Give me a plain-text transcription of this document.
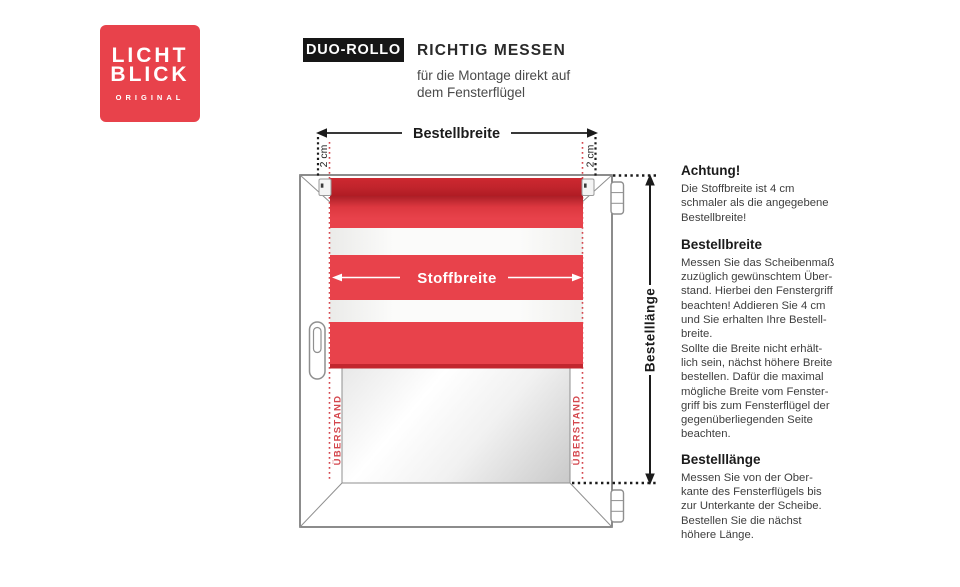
LICHT
BLICK
ORIGINAL
DUO-ROLLO RICHTIG MESSEN
für die Montage direkt auf
dem Fensterflügel
Bestellbreite
2 cm	2 cm
Stoffbreite
ÜBERSTAND	ÜBERSTAND
Bestelllänge
Achtung!
Die Stoffbreite ist 4 cm
schmaler als die angegebene
Bestellbreite!
Bestellbreite
Messen Sie das Scheibenmaß
zuzüglich gewünschtem Über-
stand. Hierbei den Fenstergriff
beachten! Addieren Sie 4 cm
und Sie erhalten Ihre Bestell-
breite.
Sollte die Breite nicht erhält-
lich sein, nächst höhere Breite
bestellen. Dafür die maximal
mögliche Breite vom Fenster-
griff bis zum Fensterflügel der
gegenüberliegenden Seite
beachten.
Bestelllänge
Messen Sie von der Ober-
kante des Fensterflügels bis
zur Unterkante der Scheibe.
Bestellen Sie die nächst
höhere Länge.
